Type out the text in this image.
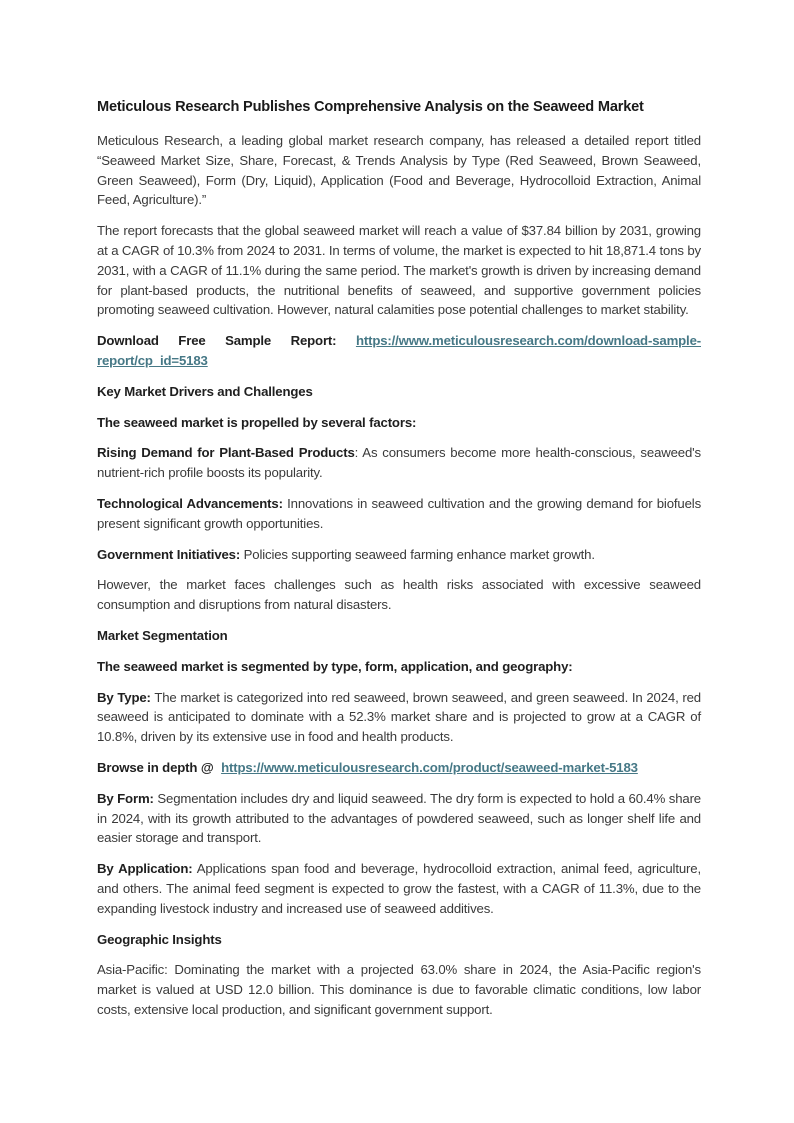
Meticulous Research Publishes Comprehensive Analysis on the Seaweed Market

Meticulous Research, a leading global market research company, has released a detailed report titled “Seaweed Market Size, Share, Forecast, & Trends Analysis by Type (Red Seaweed, Brown Seaweed, Green Seaweed), Form (Dry, Liquid), Application (Food and Beverage, Hydrocolloid Extraction, Animal Feed, Agriculture).”

The report forecasts that the global seaweed market will reach a value of $37.84 billion by 2031, growing at a CAGR of 10.3% from 2024 to 2031. In terms of volume, the market is expected to hit 18,871.4 tons by 2031, with a CAGR of 11.1% during the same period. The market's growth is driven by increasing demand for plant-based products, the nutritional benefits of seaweed, and supportive government policies promoting seaweed cultivation. However, natural calamities pose potential challenges to market stability.

Download Free Sample Report: https://www.meticulousresearch.com/download-sample-report/cp_id=5183

Key Market Drivers and Challenges

The seaweed market is propelled by several factors:

Rising Demand for Plant-Based Products: As consumers become more health-conscious, seaweed's nutrient-rich profile boosts its popularity.

Technological Advancements: Innovations in seaweed cultivation and the growing demand for biofuels present significant growth opportunities.

Government Initiatives: Policies supporting seaweed farming enhance market growth.

However, the market faces challenges such as health risks associated with excessive seaweed consumption and disruptions from natural disasters.

Market Segmentation

The seaweed market is segmented by type, form, application, and geography:

By Type: The market is categorized into red seaweed, brown seaweed, and green seaweed. In 2024, red seaweed is anticipated to dominate with a 52.3% market share and is projected to grow at a CAGR of 10.8%, driven by its extensive use in food and health products.

Browse in depth @ https://www.meticulousresearch.com/product/seaweed-market-5183

By Form: Segmentation includes dry and liquid seaweed. The dry form is expected to hold a 60.4% share in 2024, with its growth attributed to the advantages of powdered seaweed, such as longer shelf life and easier storage and transport.

By Application: Applications span food and beverage, hydrocolloid extraction, animal feed, agriculture, and others. The animal feed segment is expected to grow the fastest, with a CAGR of 11.3%, due to the expanding livestock industry and increased use of seaweed additives.

Geographic Insights

Asia-Pacific: Dominating the market with a projected 63.0% share in 2024, the Asia-Pacific region's market is valued at USD 12.0 billion. This dominance is due to favorable climatic conditions, low labor costs, extensive local production, and significant government support.
